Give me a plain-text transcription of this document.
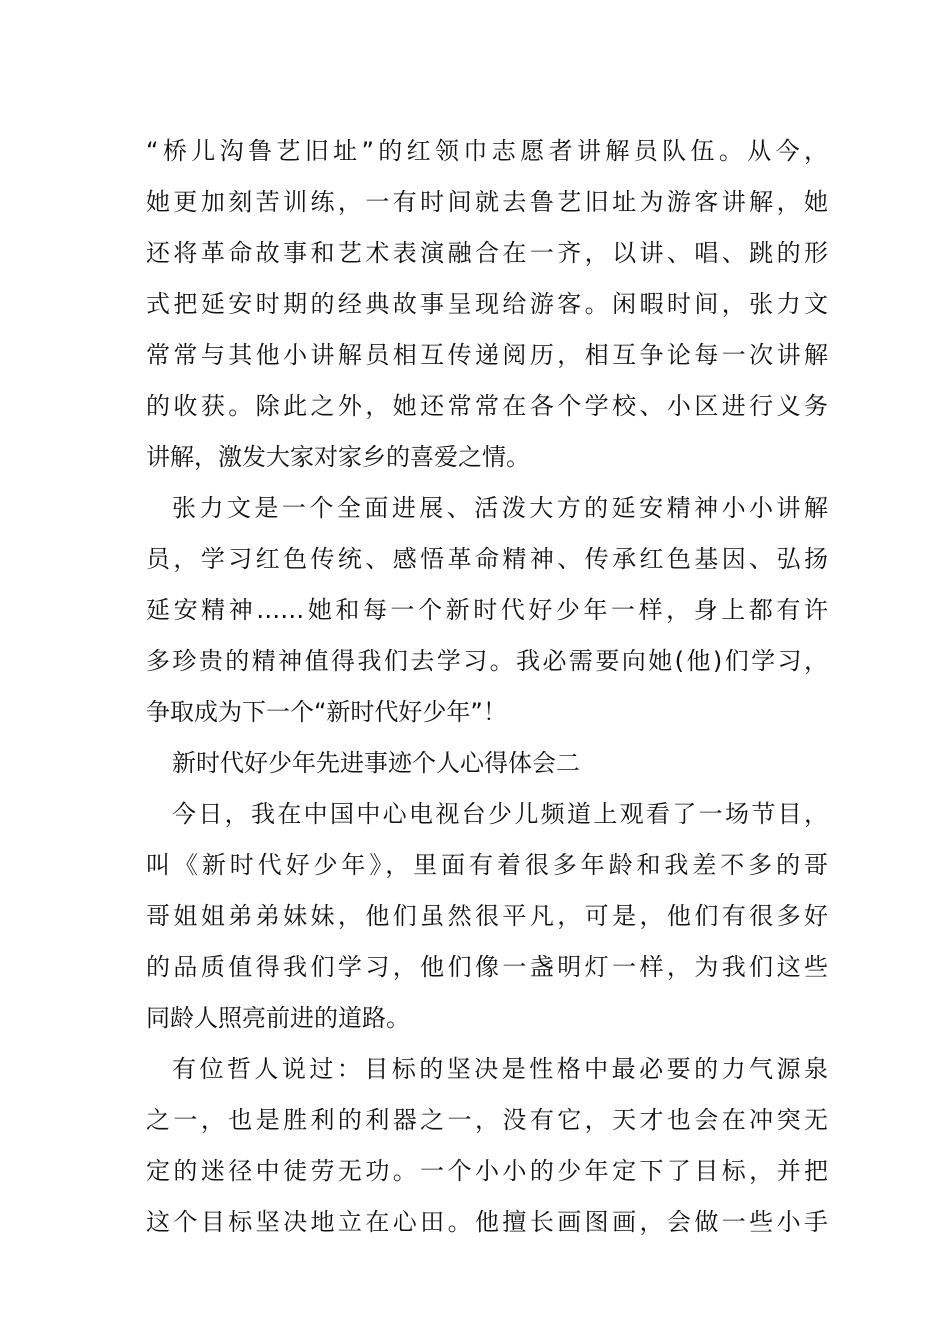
“桥儿沟鲁艺旧址”的红领巾志愿者讲解员队伍。从今，
她更加刻苦训练，一有时间就去鲁艺旧址为游客讲解，她
还将革命故事和艺术表演融合在一齐，以讲、唱、跳的形
式把延安时期的经典故事呈现给游客。闲暇时间，张力文
常常与其他小讲解员相互传递阅历，相互争论每一次讲解
的收获。除此之外，她还常常在各个学校、小区进行义务
讲解，激发大家对家乡的喜爱之情。
张力文是一个全面进展、活泼大方的延安精神小小讲解
员，学习红色传统、感悟革命精神、传承红色基因、弘扬
延安精神……她和每一个新时代好少年一样，身上都有许
多珍贵的精神值得我们去学习。我必需要向她(他)们学习，
争取成为下一个“新时代好少年”！
新时代好少年先进事迹个人心得体会二
今日，我在中国中心电视台少儿频道上观看了一场节目，
叫《新时代好少年》，里面有着很多年龄和我差不多的哥
哥姐姐弟弟妹妹，他们虽然很平凡，可是，他们有很多好
的品质值得我们学习，他们像一盏明灯一样，为我们这些
同龄人照亮前进的道路。
有位哲人说过：目标的坚决是性格中最必要的力气源泉
之一，也是胜利的利器之一，没有它，天才也会在冲突无
定的迷径中徒劳无功。一个小小的少年定下了目标，并把
这个目标坚决地立在心田。他擅长画图画，会做一些小手
